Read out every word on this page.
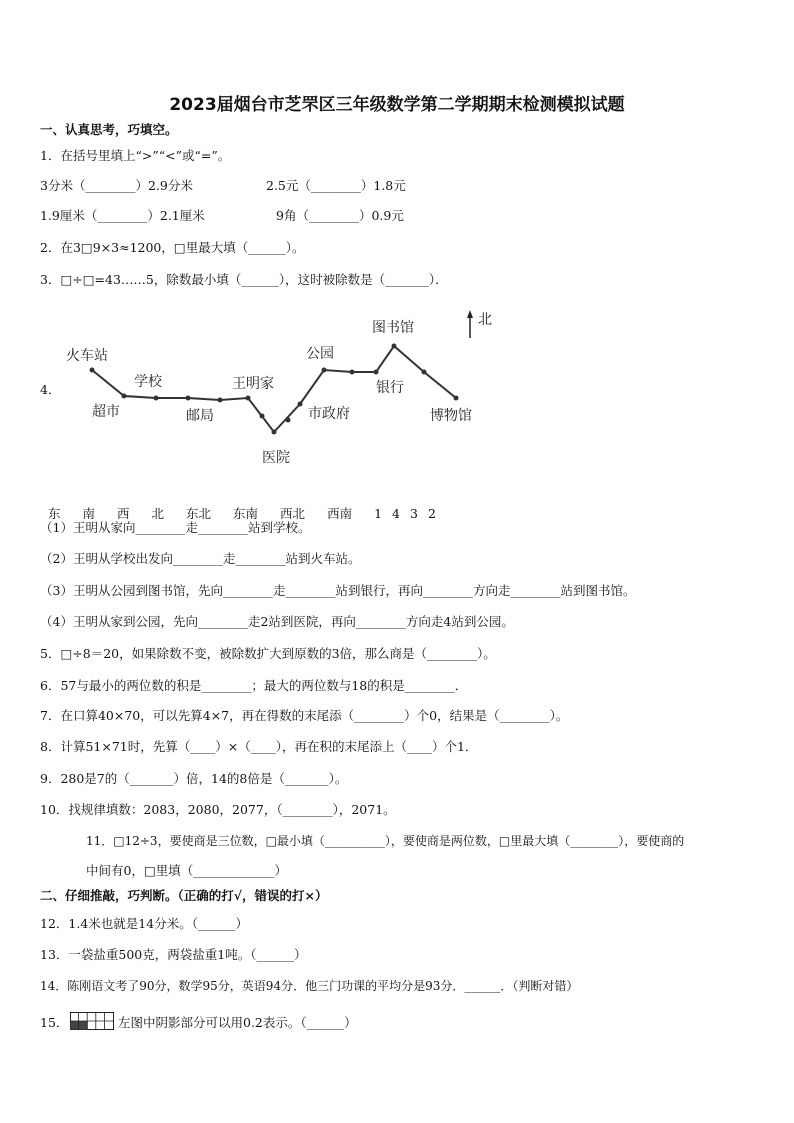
2023届烟台市芝罘区三年级数学第二学期期末检测模拟试题
一、认真思考，巧填空。
1．在括号里填上“>”“<”或“=”。
3分米（________）2.9分米	2.5元（________）1.8元
1.9厘米（________）2.1厘米	9角（________）0.9元
2．在3□9×3≈1200，□里最大填（______）。
3．□÷□=43……5，除数最小填（______），这时被除数是（_______）．
4．
北
火车站
超市
学校
邮局
王明家
医院
市政府
公园
图书馆
银行
博物馆

东 南 西 北 东北 东南 西北 西南 1 4 3 2

（1）王明从家向________走________站到学校。
（2）王明从学校出发向________走________站到火车站。
（3）王明从公园到图书馆，先向________走________站到银行，再向________方向走________站到图书馆。
（4）王明从家到公园，先向________走2站到医院，再向________方向走4站到公园。
5．□÷8＝20，如果除数不变，被除数扩大到原数的3倍，那么商是（________）。
6．57与最小的两位数的积是________；最大的两位数与18的积是________．
7．在口算40×70，可以先算4×7，再在得数的末尾添（________）个0，结果是（________）。
8．计算51×71时，先算（____）×（____），再在积的末尾添上（____）个1．
9．280是7的（_______）倍，14的8倍是（_______）。
10．找规律填数：2083，2080，2077，（________），2071。
11．□12÷3，要使商是三位数，□最小填（__________），要使商是两位数，□里最大填（________），要使商的
中间有0，□里填（_____________）
二、仔细推敲，巧判断。（正确的打√，错误的打×）
12．1.4米也就是14分米。（______）
13．一袋盐重500克，两袋盐重1吨。（______）
14．陈刚语文考了90分，数学95分，英语94分．他三门功课的平均分是93分．______．（判断对错）
15．	左图中阴影部分可以用0.2表示。（______）
